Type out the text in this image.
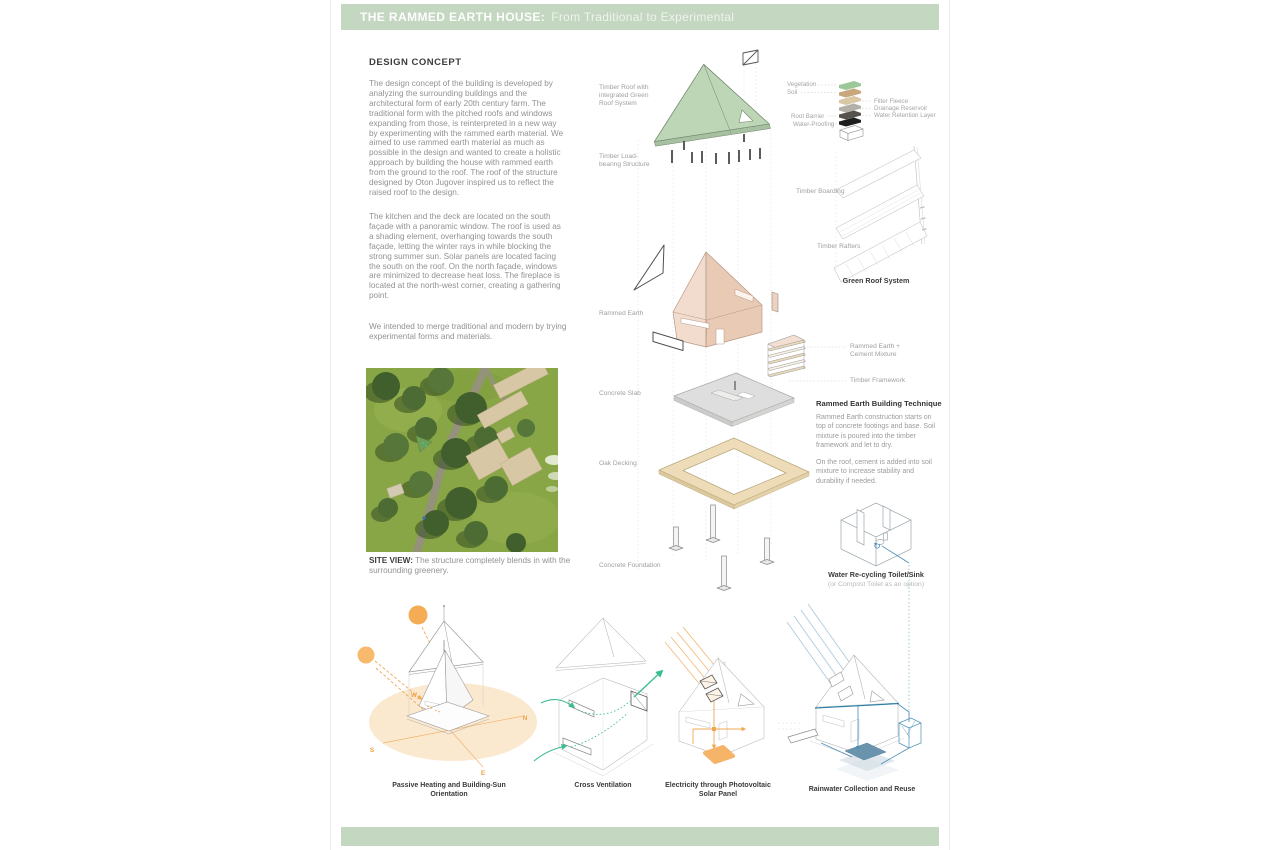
THE RAMMED EARTH HOUSE: From Traditional to Experimental
↻
W
N
S
E
DESIGN CONCEPT
The design concept of the building is developed by analyzing the surrounding buildings and the architectural form of early 20th century farm. The traditional form with the pitched roofs and windows expanding from those, is reinterpreted in a new way by experimenting with the rammed earth material. We aimed to use rammed earth material as much as possible in the design and wanted to create a holistic approach by building the house with rammed earth from the ground to the roof. The roof of the structure designed by Oton Jugover inspired us to reflect the raised roof to the design.
The kitchen and the deck are located on the south façade with a panoramic window. The roof is used as a shading element, overhanging towards the south façade, letting the winter rays in while blocking the strong summer sun. Solar panels are located facing the south on the roof. On the north façade, windows are minimized to decrease heat loss. The fireplace is located at the north-west corner, creating a gathering point.
We intended to merge traditional and modern by trying experimental forms and materials.
SITE VIEW: The structure completely blends in with the surrounding greenery.
Timber Roof with integrated Green Roof System
Timber Load-bearing Structure
Rammed Earth
Concrete Slab
Oak Decking
Concrete Foundation
Vegetation
Soil
Root Barrier
Water-Proofing
Filter Fleece
Drainage Reservoir
Water Retention Layer
Timber Boarding
Timber Rafters
Green Roof System
Rammed Earth + Cement Mixture
Timber Framework
Rammed Earth Building Technique
Rammed Earth construction starts on top of concrete footings and base. Soil mixture is poured into the timber framework and let to dry.
On the roof, cement is added into soil mixture to increase stability and durability if needed.
Water Re-cycling Toilet/Sink
(or Compost Toilet as an option)
Passive Heating and Building-Sun Orientation
Cross Ventilation	Electricity through Photovoltaic Solar Panel
Rainwater Collection and Reuse
